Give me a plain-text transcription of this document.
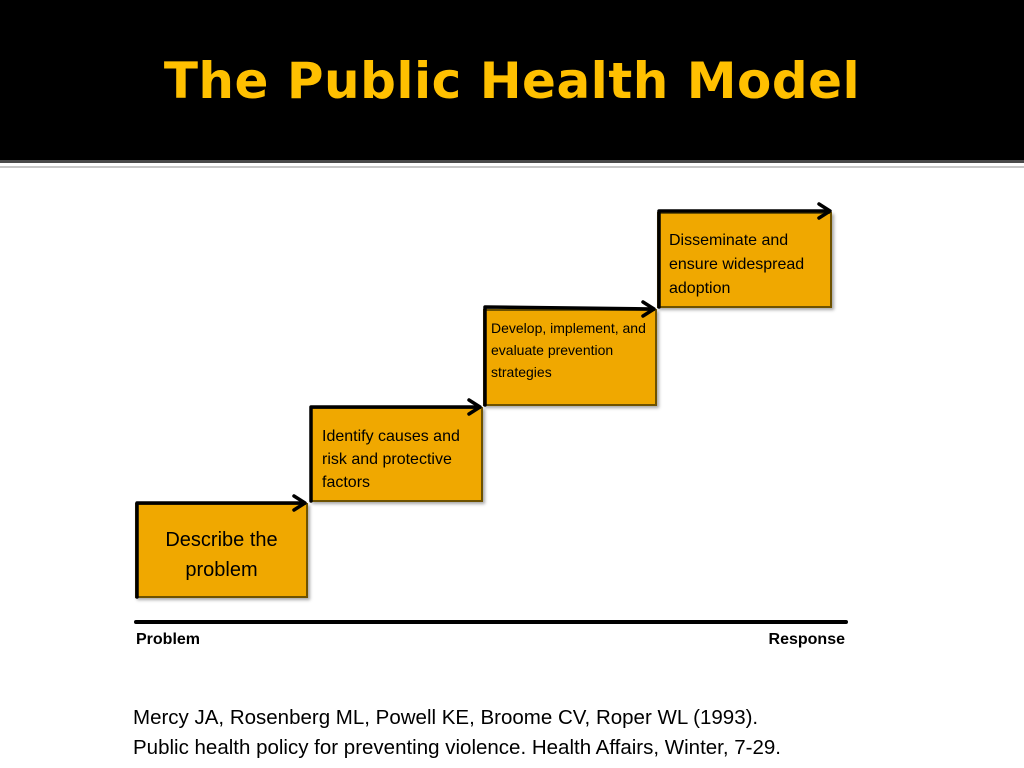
The Public Health Model
Describe the problem
Identify causes and risk and protective factors
Develop, implement, and evaluate prevention strategies
Disseminate and ensure widespread adoption
Problem	Response
Mercy JA, Rosenberg ML, Powell KE, Broome CV, Roper WL (1993).
Public health policy for preventing violence. Health Affairs, Winter, 7-29.
